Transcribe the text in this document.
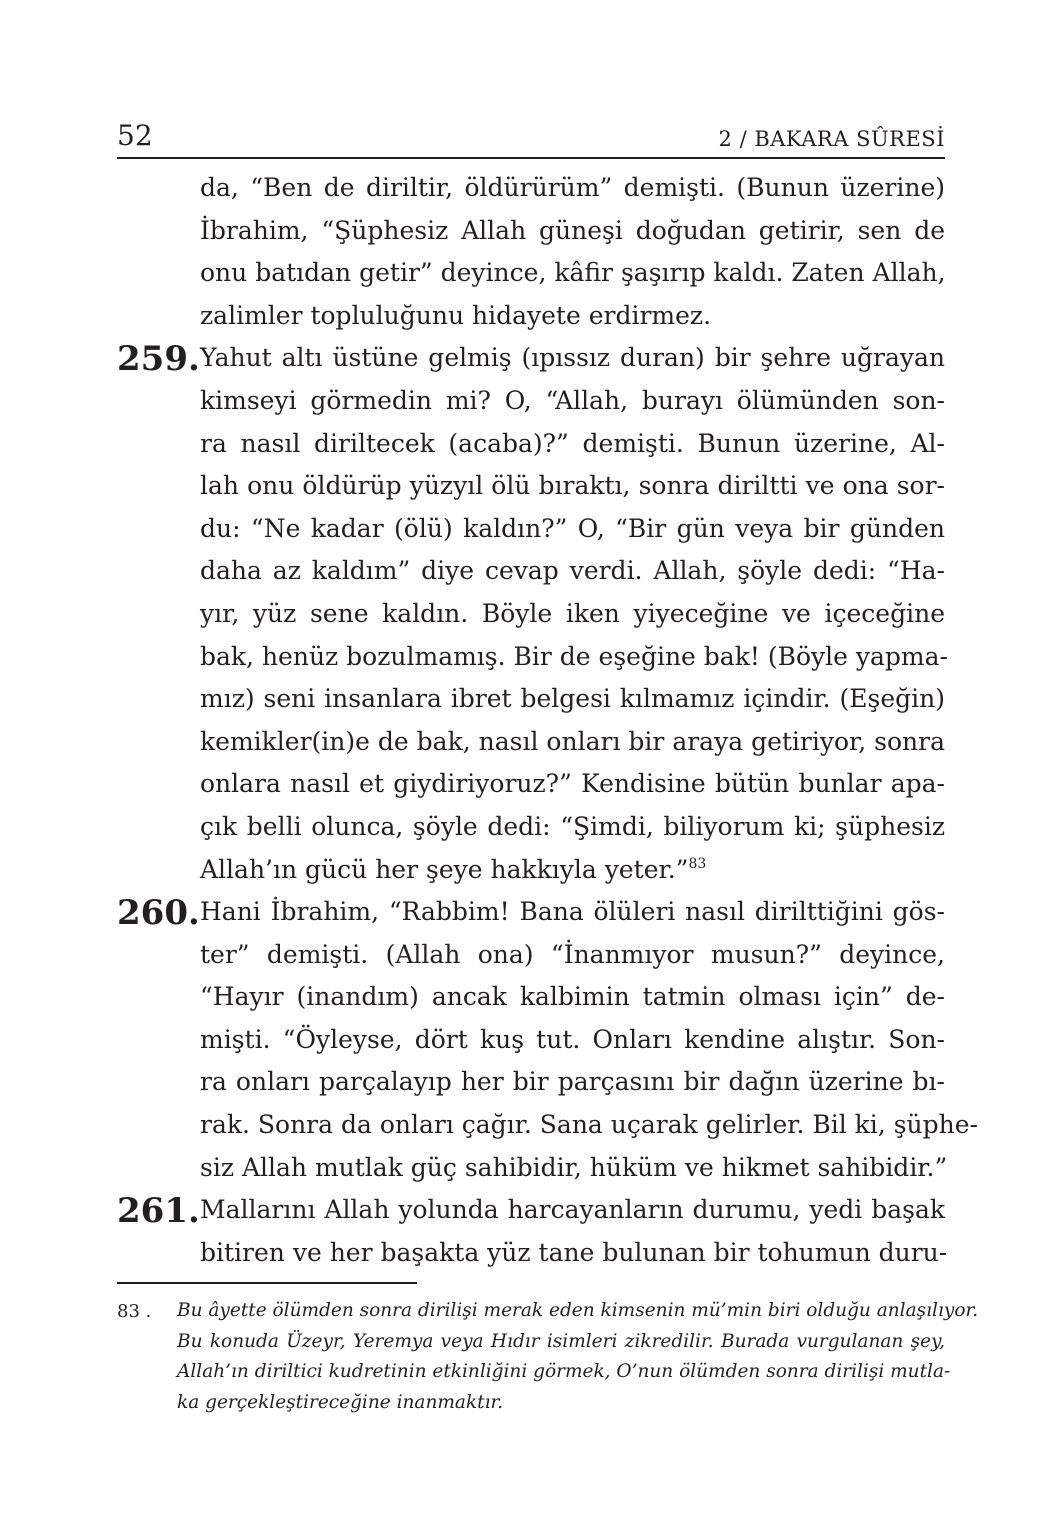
52	2 / BAKARA SÛRESİ
da, “Ben de diriltir, öldürürüm” demişti. (Bunun üzerine)
İbrahim, “Şüphesiz Allah güneşi doğudan getirir, sen de
onu batıdan getir” deyince, kâfir şaşırıp kaldı. Zaten Allah,
zalimler topluluğunu hidayete erdirmez.
259. Yahut altı üstüne gelmiş (ıpıssız duran) bir şehre uğrayan
kimseyi görmedin mi? O, “Allah, burayı ölümünden son-
ra nasıl diriltecek (acaba)?” demişti. Bunun üzerine, Al-
lah onu öldürüp yüzyıl ölü bıraktı, sonra diriltti ve ona sor-
du: “Ne kadar (ölü) kaldın?” O, “Bir gün veya bir günden
daha az kaldım” diye cevap verdi. Allah, şöyle dedi: “Ha-
yır, yüz sene kaldın. Böyle iken yiyeceğine ve içeceğine
bak, henüz bozulmamış. Bir de eşeğine bak! (Böyle yapma-
mız) seni insanlara ibret belgesi kılmamız içindir. (Eşeğin)
kemikler(in)e de bak, nasıl onları bir araya getiriyor, sonra
onlara nasıl et giydiriyoruz?” Kendisine bütün bunlar apa-
çık belli olunca, şöyle dedi: “Şimdi, biliyorum ki; şüphesiz
Allah’ın gücü her şeye hakkıyla yeter.”$^{83}$
260. Hani İbrahim, “Rabbim! Bana ölüleri nasıl dirilttiğini gös-
ter” demişti. (Allah ona) “İnanmıyor musun?” deyince,
“Hayır (inandım) ancak kalbimin tatmin olması için” de-
mişti. “Öyleyse, dört kuş tut. Onları kendine alıştır. Son-
ra onları parçalayıp her bir parçasını bir dağın üzerine bı-
rak. Sonra da onları çağır. Sana uçarak gelirler. Bil ki, şüphe-
siz Allah mutlak güç sahibidir, hüküm ve hikmet sahibidir.”
261. Mallarını Allah yolunda harcayanların durumu, yedi başak
bitiren ve her başakta yüz tane bulunan bir tohumun duru-
83 . Bu âyette ölümden sonra dirilişi merak eden kimsenin mü’min biri olduğu anlaşılıyor.
Bu konuda Üzeyr, Yeremya veya Hıdır isimleri zikredilir. Burada vurgulanan şey,
Allah’ın diriltici kudretinin etkinliğini görmek, O’nun ölümden sonra dirilişi mutla-
ka gerçekleştireceğine inanmaktır.
